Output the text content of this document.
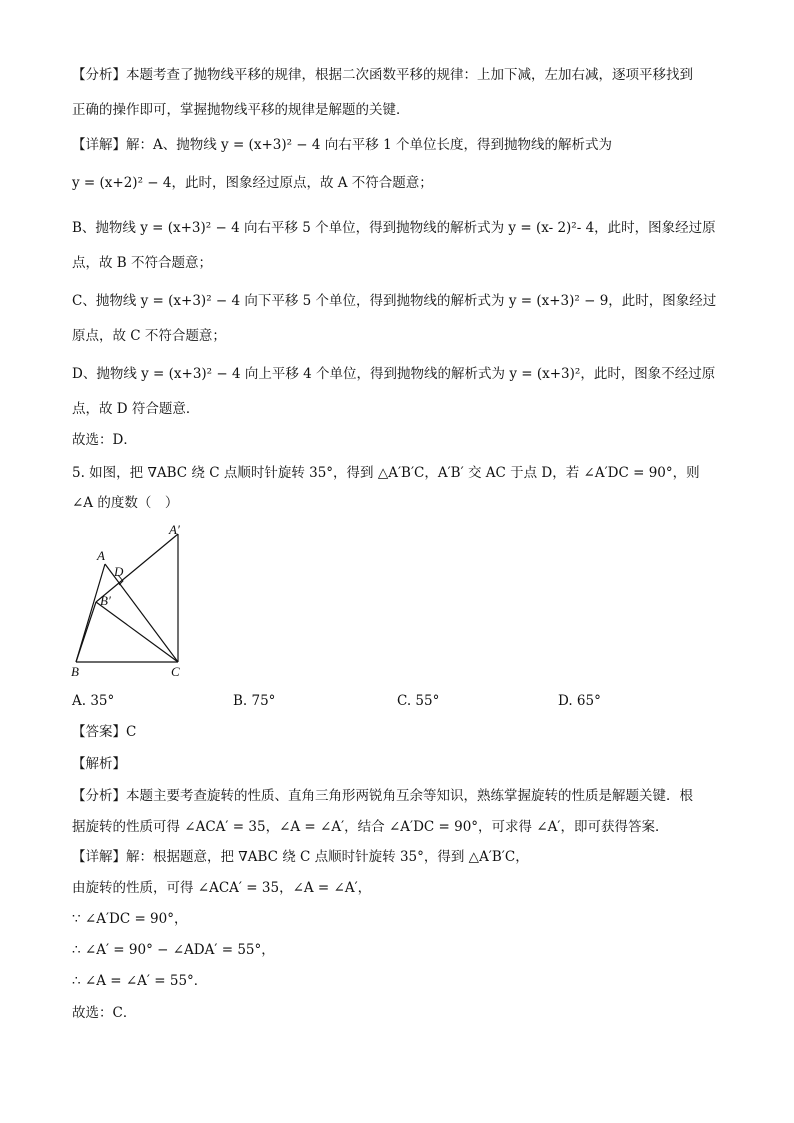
【分析】本题考查了抛物线平移的规律，根据二次函数平移的规律：上加下减，左加右减，逐项平移找到
正确的操作即可，掌握抛物线平移的规律是解题的关键．
【详解】解：A、抛物线 y = (x+3)² − 4 向右平移 1 个单位长度，得到抛物线的解析式为
y = (x+2)² − 4，此时，图象经过原点，故 A 不符合题意；
B、抛物线 y = (x+3)² − 4 向右平移 5 个单位，得到抛物线的解析式为 y = (x- 2)²- 4，此时，图象经过原
点，故 B 不符合题意；
C、抛物线 y = (x+3)² − 4 向下平移 5 个单位，得到抛物线的解析式为 y = (x+3)² − 9，此时，图象经过
原点，故 C 不符合题意；
D、抛物线 y = (x+3)² − 4 向上平移 4 个单位，得到抛物线的解析式为 y = (x+3)²，此时，图象不经过原
点，故 D 符合题意．
故选：D．
5. 如图，把 ∇ABC 绕 C 点顺时针旋转 35°，得到 △A′B′C，A′B′ 交 AC 于点 D，若 ∠A′DC = 90°，则
∠A 的度数（　）
A
A′
D
B′
B	C
A. 35°	B. 75°	C. 55°	D. 65°
【答案】C
【解析】
【分析】本题主要考查旋转的性质、直角三角形两锐角互余等知识，熟练掌握旋转的性质是解题关键．根
据旋转的性质可得 ∠ACA′ = 35，∠A = ∠A′，结合 ∠A′DC = 90°，可求得 ∠A′，即可获得答案．
【详解】解：根据题意，把 ∇ABC 绕 C 点顺时针旋转 35°，得到 △A′B′C，
由旋转的性质，可得 ∠ACA′ = 35，∠A = ∠A′，
∵ ∠A′DC = 90°，
∴ ∠A′ = 90° − ∠ADA′ = 55°，
∴ ∠A = ∠A′ = 55°．
故选：C．
